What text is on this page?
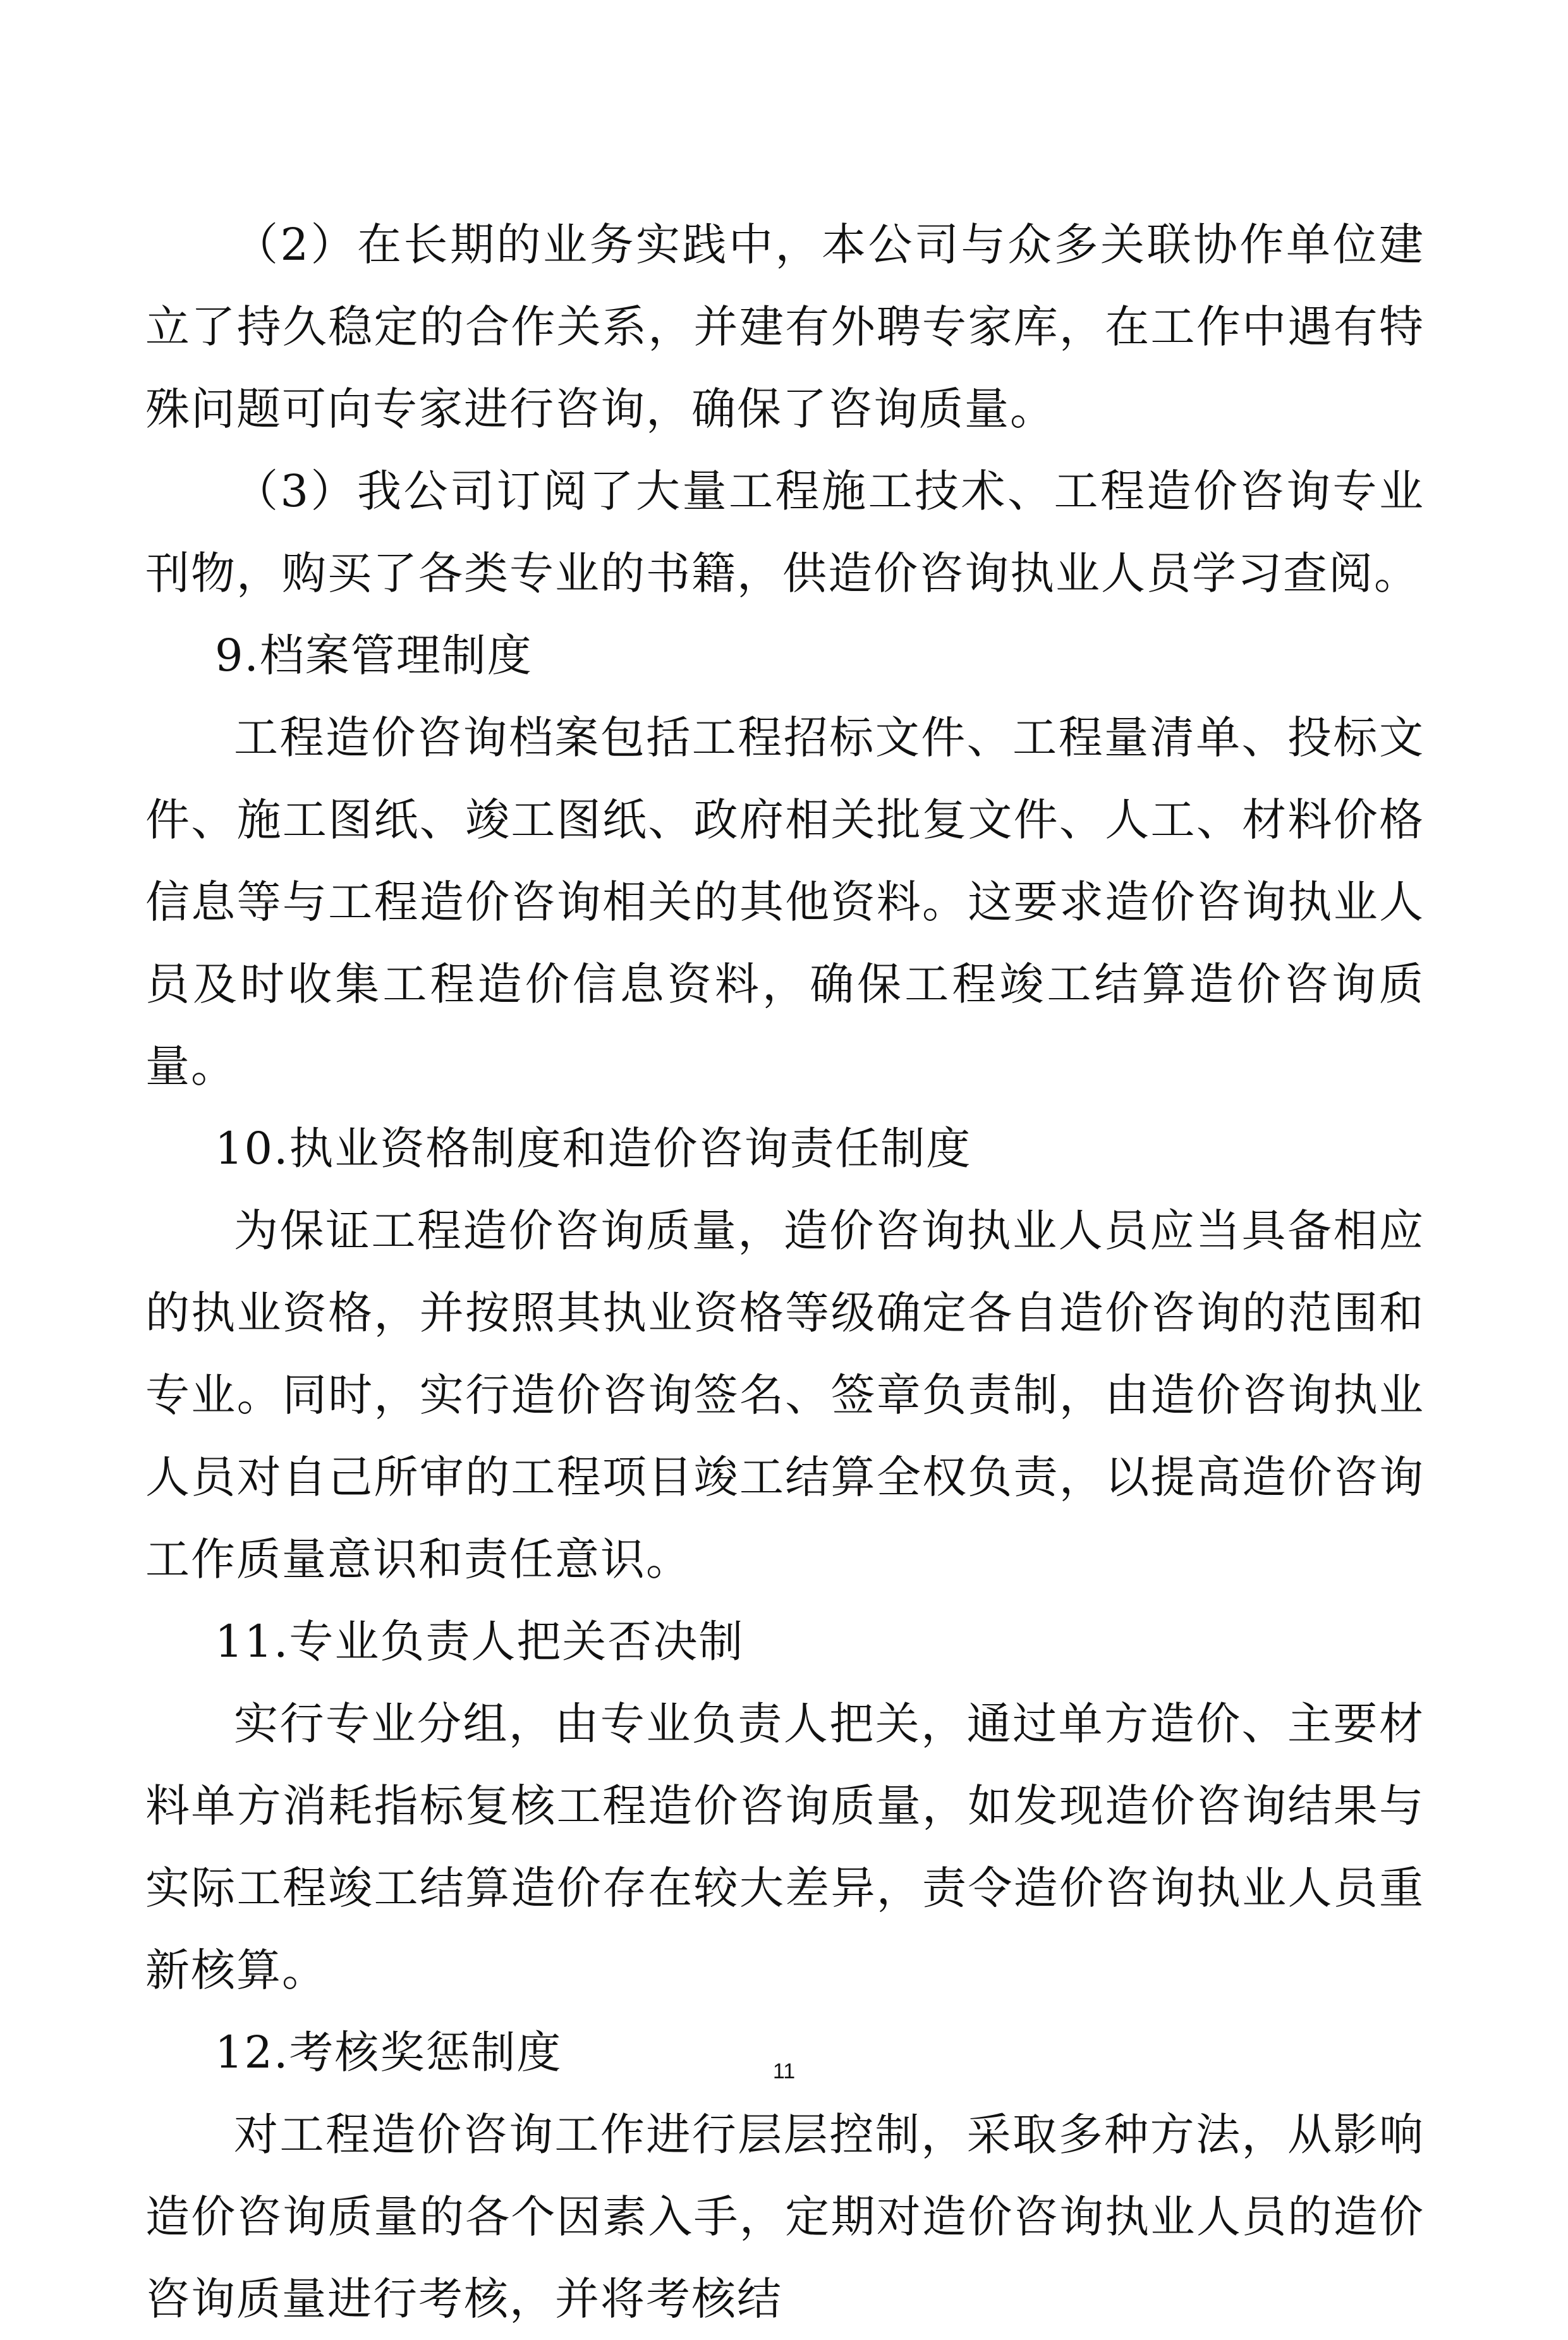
（2）在长期的业务实践中，本公司与众多关联协作单位建立了持久稳定的合作关系，并建有外聘专家库，在工作中遇有特殊问题可向专家进行咨询，确保了咨询质量。

（3）我公司订阅了大量工程施工技术、工程造价咨询专业刊物，购买了各类专业的书籍，供造价咨询执业人员学习查阅。

9.档案管理制度

工程造价咨询档案包括工程招标文件、工程量清单、投标文件、施工图纸、竣工图纸、政府相关批复文件、人工、材料价格信息等与工程造价咨询相关的其他资料。这要求造价咨询执业人员及时收集工程造价信息资料，确保工程竣工结算造价咨询质量。

10.执业资格制度和造价咨询责任制度

为保证工程造价咨询质量，造价咨询执业人员应当具备相应的执业资格，并按照其执业资格等级确定各自造价咨询的范围和专业。同时，实行造价咨询签名、签章负责制，由造价咨询执业人员对自己所审的工程项目竣工结算全权负责，以提高造价咨询工作质量意识和责任意识。

11.专业负责人把关否决制

实行专业分组，由专业负责人把关，通过单方造价、主要材料单方消耗指标复核工程造价咨询质量，如发现造价咨询结果与实际工程竣工结算造价存在较大差异，责令造价咨询执业人员重新核算。

12.考核奖惩制度

对工程造价咨询工作进行层层控制，采取多种方法，从影响造价咨询质量的各个因素入手，定期对造价咨询执业人员的造价咨询质量进行考核，并将考核结

11
